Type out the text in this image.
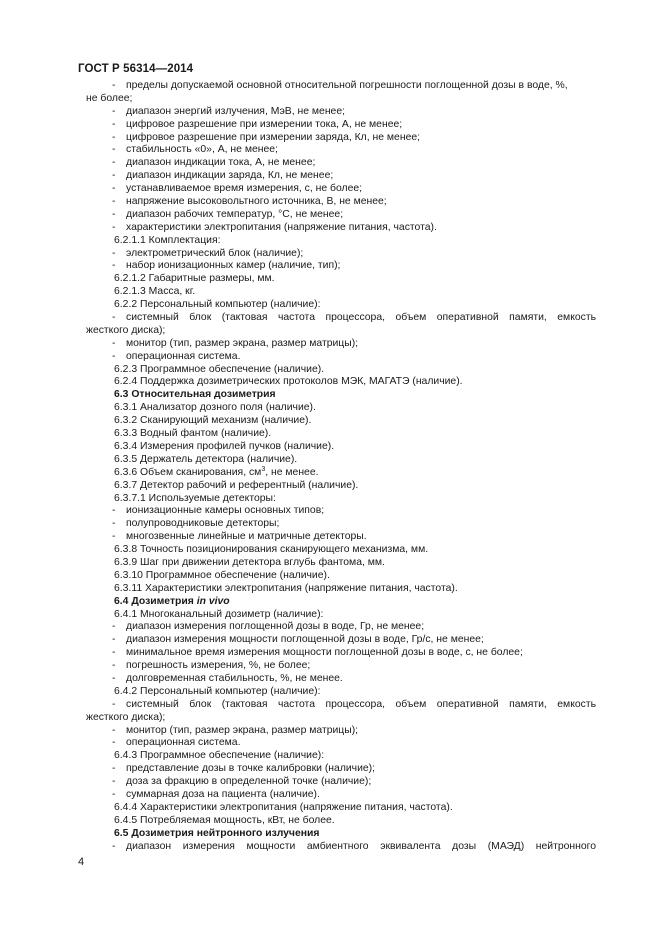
ГОСТ Р 56314—2014
- пределы допускаемой основной относительной погрешности поглощенной дозы в воде, %,
не более;
- диапазон энергий излучения, МэВ, не менее;
- цифровое разрешение при измерении тока, А, не менее;
- цифровое разрешение при измерении заряда, Кл, не менее;
- стабильность «0», А, не менее;
- диапазон индикации тока, А, не менее;
- диапазон индикации заряда, Кл, не менее;
- устанавливаемое время измерения, с, не более;
- напряжение высоковольтного источника, В, не менее;
- диапазон рабочих температур, °С, не менее;
- характеристики электропитания (напряжение питания, частота).
6.2.1.1 Комплектация:
- электрометрический блок (наличие);
- набор ионизационных камер (наличие, тип);
6.2.1.2 Габаритные размеры, мм.
6.2.1.3 Масса, кг.
6.2.2 Персональный компьютер (наличие):
-	системный блок (тактовая частота процессора, объем оперативной памяти, емкость
жесткого диска);
- монитор (тип, размер экрана, размер матрицы);
- операционная система.
6.2.3 Программное обеспечение (наличие).
6.2.4 Поддержка дозиметрических протоколов МЭК, МАГАТЭ (наличие).
6.3 Относительная дозиметрия
6.3.1 Анализатор дозного поля (наличие).
6.3.2 Сканирующий механизм (наличие).
6.3.3 Водный фантом (наличие).
6.3.4 Измерения профилей пучков (наличие).
6.3.5 Держатель детектора (наличие).
6.3.6 Объем сканирования, $см^3$, не менее.
6.3.7 Детектор рабочий и референтный (наличие).
6.3.7.1 Используемые детекторы:
- ионизационные камеры основных типов;
- полупроводниковые детекторы;
- многозвенные линейные и матричные детекторы.
6.3.8 Точность позиционирования сканирующего механизма, мм.
6.3.9 Шаг при движении детектора вглубь фантома, мм.
6.3.10 Программное обеспечение (наличие).
6.3.11 Характеристики электропитания (напряжение питания, частота).
6.4 Дозиметрия in vivo
6.4.1 Многоканальный дозиметр (наличие):
- диапазон измерения поглощенной дозы в воде, Гр, не менее;
- диапазон измерения мощности поглощенной дозы в воде, Гр/с, не менее;
- минимальное время измерения мощности поглощенной дозы в воде, с, не более;
- погрешность измерения, %, не более;
- долговременная стабильность, %, не менее.
6.4.2 Персональный компьютер (наличие):
-	системный блок (тактовая частота процессора, объем оперативной памяти, емкость
жесткого диска);
- монитор (тип, размер экрана, размер матрицы);
- операционная система.
6.4.3 Программное обеспечение (наличие):
- представление дозы в точке калибровки (наличие);
- доза за фракцию в определенной точке (наличие);
- суммарная доза на пациента (наличие).
6.4.4 Характеристики электропитания (напряжение питания, частота).
6.4.5 Потребляемая мощность, кВт, не более.
6.5 Дозиметрия нейтронного излучения
-	диапазон измерения мощности амбиентного эквивалента дозы (МАЭД) нейтронного
4
